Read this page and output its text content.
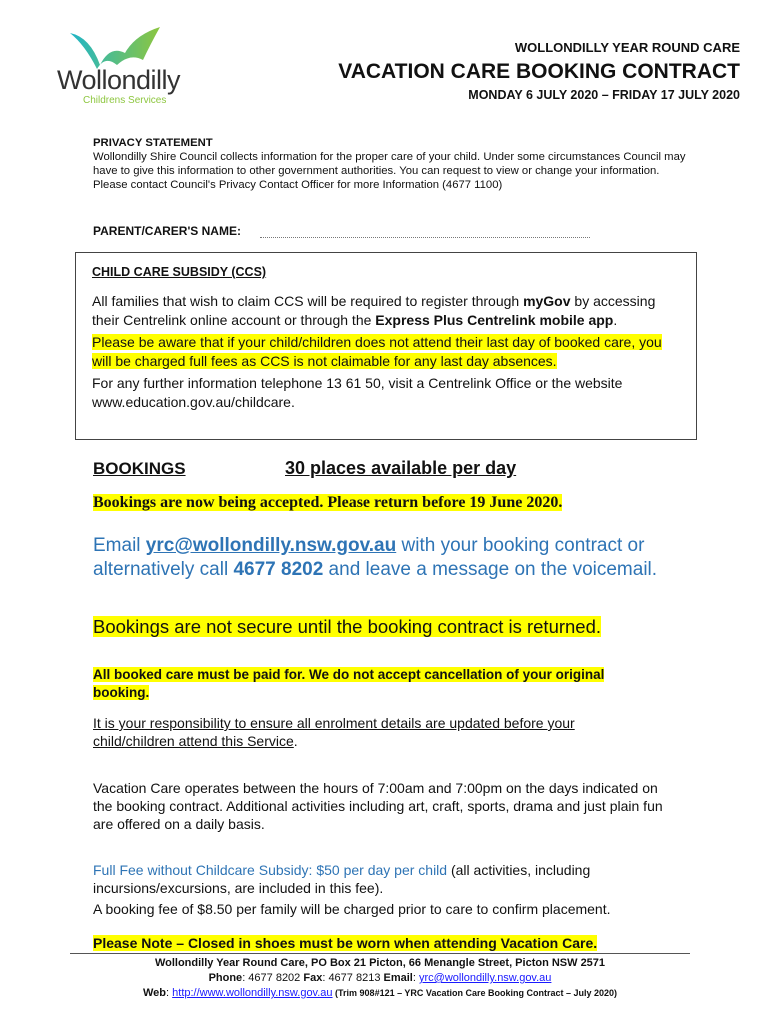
Wollondilly
Childrens Services
WOLLONDILLY YEAR ROUND CARE
VACATION CARE BOOKING CONTRACT
MONDAY 6 JULY 2020 – FRIDAY 17 JULY 2020
PRIVACY STATEMENT
Wollondilly Shire Council collects information for the proper care of your child. Under some circumstances Council may have to give this information to other government authorities. You can request to view or change your information. Please contact Council's Privacy Contact Officer for more Information (4677 1100)
PARENT/CARER'S NAME:
CHILD CARE SUBSIDY (CCS)
All families that wish to claim CCS will be required to register through myGov by accessing their Centrelink online account or through the Express Plus Centrelink mobile app.
Please be aware that if your child/children does not attend their last day of booked care, you will be charged full fees as CCS is not claimable for any last day absences.
For any further information telephone 13 61 50, visit a Centrelink Office or the website www.education.gov.au/childcare.
BOOKINGS	30 places available per day
Bookings are now being accepted. Please return before 19 June 2020.
Email yrc@wollondilly.nsw.gov.au with your booking contract or alternatively call 4677 8202 and leave a message on the voicemail.
Bookings are not secure until the booking contract is returned.
All booked care must be paid for. We do not accept cancellation of your original booking.
It is your responsibility to ensure all enrolment details are updated before your child/children attend this Service.
Vacation Care operates between the hours of 7:00am and 7:00pm on the days indicated on the booking contract. Additional activities including art, craft, sports, drama and just plain fun are offered on a daily basis.
Full Fee without Childcare Subsidy: $50 per day per child (all activities, including incursions/excursions, are included in this fee).
A booking fee of $8.50 per family will be charged prior to care to confirm placement.
Please Note – Closed in shoes must be worn when attending Vacation Care.
Wollondilly Year Round Care, PO Box 21 Picton, 66 Menangle Street, Picton NSW 2571
Phone: 4677 8202 Fax: 4677 8213 Email: yrc@wollondilly.nsw.gov.au
Web: http://www.wollondilly.nsw.gov.au (Trim 908#121 – YRC Vacation Care Booking Contract – July 2020)
